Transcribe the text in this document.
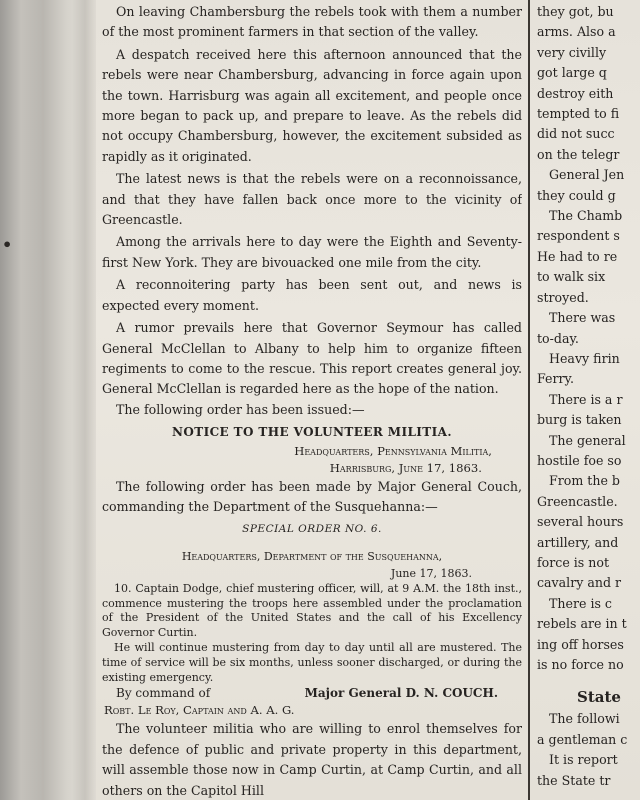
•

On leaving Chambersburg the rebels took with them a number of the most prominent farmers in that section of the valley.

A despatch received here this afternoon announced that the rebels were near Chambersburg, advancing in force again upon the town. Harrisburg was again all excitement, and people once more began to pack up, and prepare to leave. As the rebels did not occupy Chambersburg, however, the excitement subsided as rapidly as it originated.

The latest news is that the rebels were on a reconnoissance, and that they have fallen back once more to the vicinity of Greencastle.

Among the arrivals here to day were the Eighth and Seventy-first New York. They are bivouacked one mile from the city.

A reconnoitering party has been sent out, and news is expected every moment.

A rumor prevails here that Governor Seymour has called General McClellan to Albany to help him to organize fifteen regiments to come to the rescue. This report creates general joy. General McClellan is regarded here as the hope of the nation.

The following order has been issued:—

NOTICE TO THE VOLUNTEER MILITIA.

Headquarters, Pennsylvania Militia,

Harrisburg, June 17, 1863.

The following order has been made by Major General Couch, commanding the Department of the Susquehanna:—

SPECIAL ORDER NO. 6.

Headquarters, Department of the Susquehanna,

June 17, 1863.

10. Captain Dodge, chief mustering officer, will, at 9 A.M. the 18th inst., commence mustering the troops here assembled under the proclamation of the President of the United States and the call of his Excellency Governor Curtin.

He will continue mustering from day to day until all are mustered. The time of service will be six months, unless sooner discharged, or during the existing emergency.

By command of	Major General D. N. COUCH.

Robt. Le Roy, Captain and A. A. G.

The volunteer militia who are willing to enrol themselves for the defence of public and private property in this department, will assemble those now in Camp Curtin, at Camp Curtin, and all others on the Capitol Hill

they got, bu

arms. Also a

very civilly

got large q

destroy eith

tempted to fi

did not succ

on the telegr

General Jen

they could g

The Chamb

respondent s

He had to re

to walk six

stroyed.

There was

to-day.

Heavy firin

Ferry.

There is a r

burg is taken

The general

hostile foe so

From the b

Greencastle.

several hours

artillery, and

force is not

cavalry and r

There is c

rebels are in t

ing off horses

is no force no

State

The followi

a gentleman c

It is report

the State tr
